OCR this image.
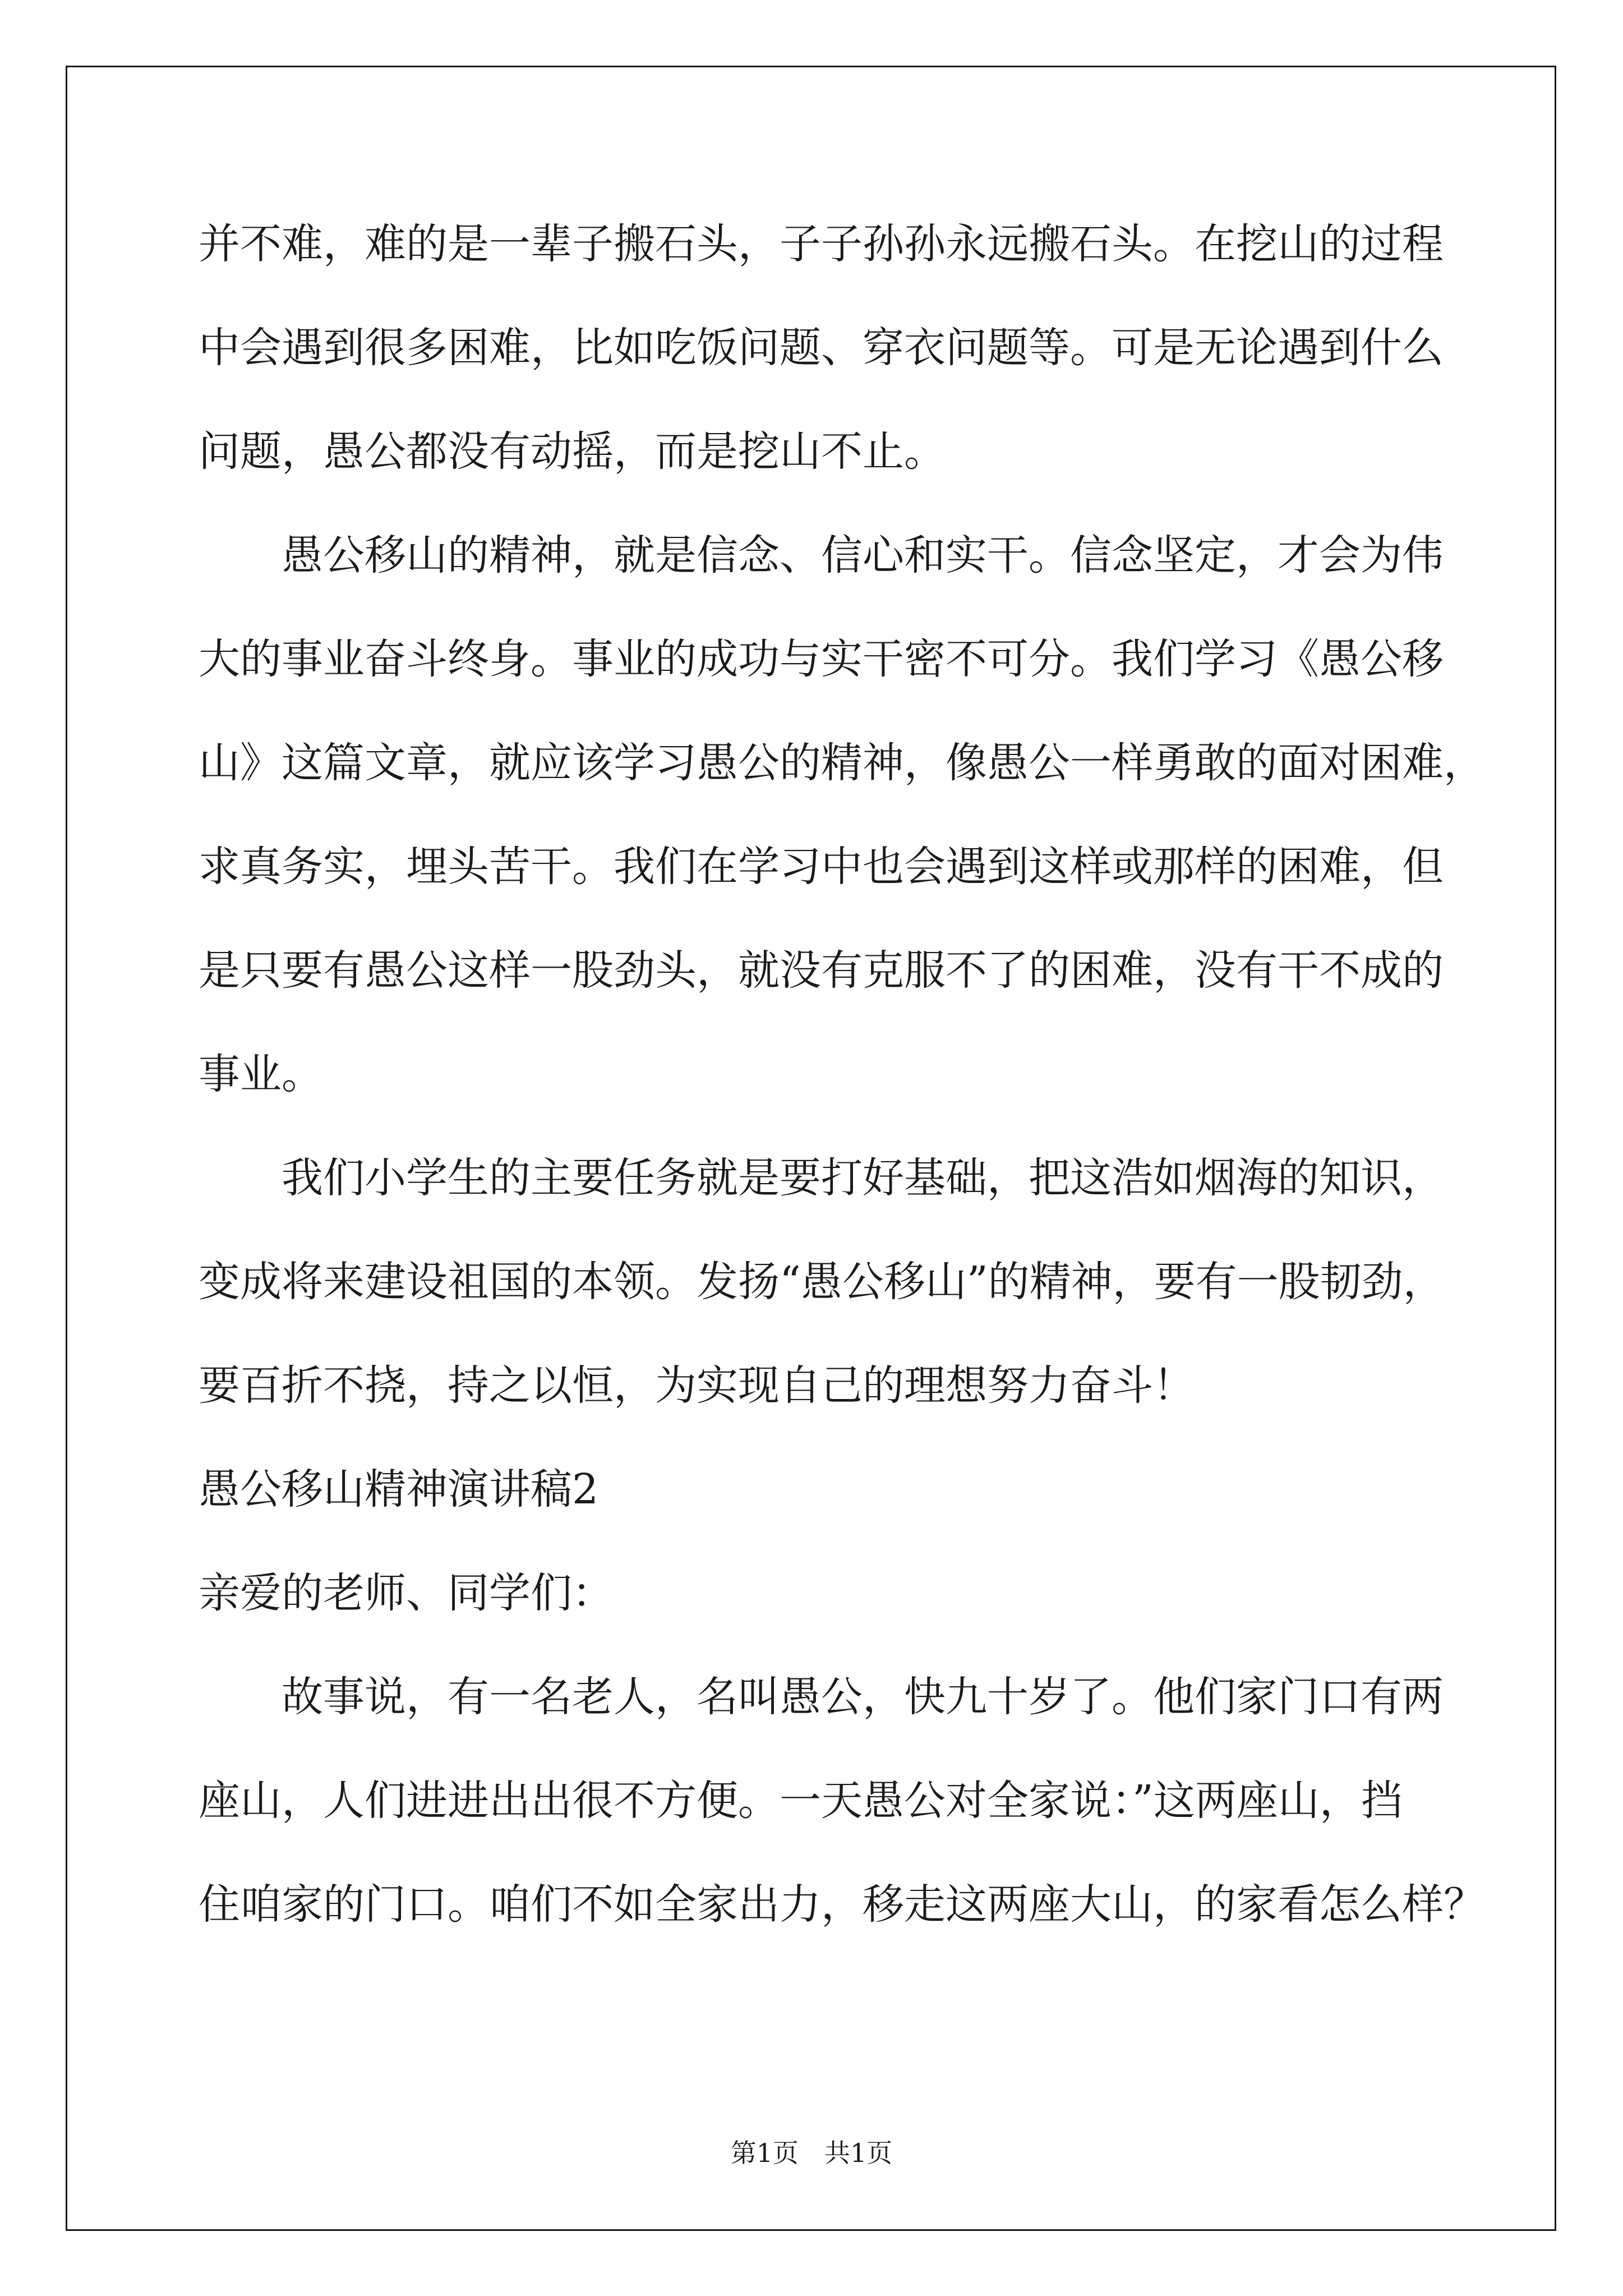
并不难，难的是一辈子搬石头，子子孙孙永远搬石头。在挖山的过程
中会遇到很多困难，比如吃饭问题、穿衣问题等。可是无论遇到什么
问题，愚公都没有动摇，而是挖山不止。
　　愚公移山的精神，就是信念、信心和实干。信念坚定，才会为伟
大的事业奋斗终身。事业的成功与实干密不可分。我们学习《愚公移
山》这篇文章，就应该学习愚公的精神，像愚公一样勇敢的面对困难，
求真务实，埋头苦干。我们在学习中也会遇到这样或那样的困难，但
是只要有愚公这样一股劲头，就没有克服不了的困难，没有干不成的
事业。
　　我们小学生的主要任务就是要打好基础，把这浩如烟海的知识，
变成将来建设祖国的本领。发扬“愚公移山”的精神，要有一股韧劲，
要百折不挠，持之以恒，为实现自己的理想努力奋斗！
愚公移山精神演讲稿2
亲爱的老师、同学们：
　　故事说，有一名老人，名叫愚公，快九十岁了。他们家门口有两
座山，人们进进出出很不方便。一天愚公对全家说：”这两座山，挡
住咱家的门口。咱们不如全家出力，移走这两座大山，的家看怎么样？
第1页　共1页
